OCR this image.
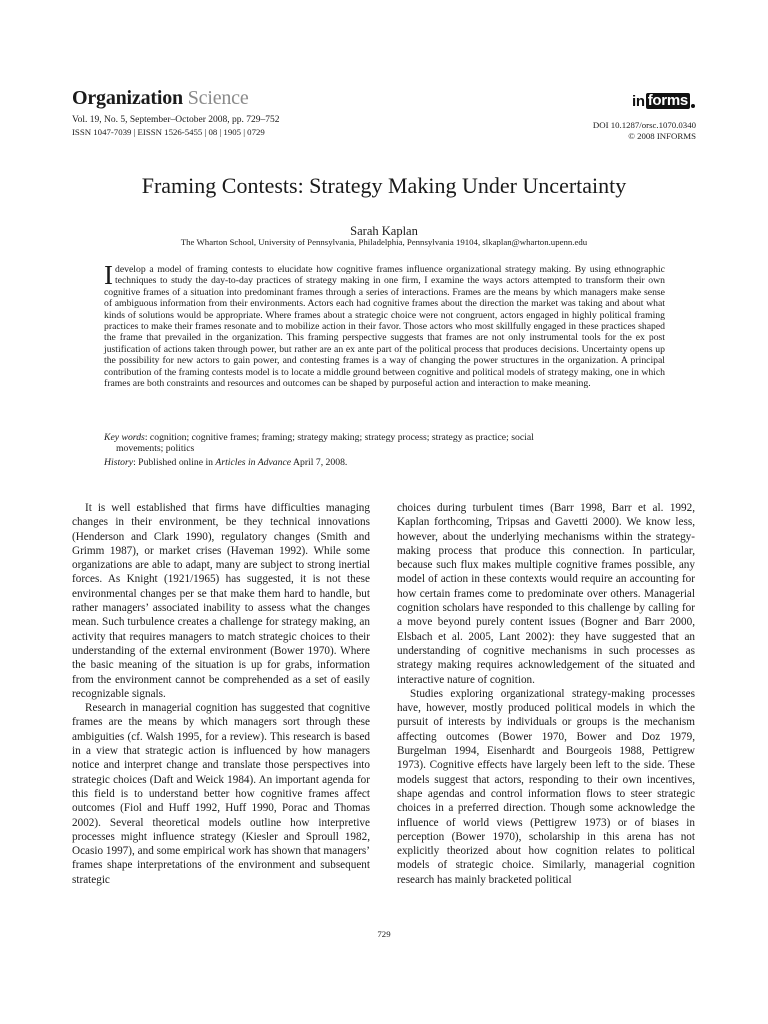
Organization Science
Vol. 19, No. 5, September–October 2008, pp. 729–752
ISSN 1047-7039 | EISSN 1526-5455 | 08 | 1905 | 0729
in forms
DOI 10.1287/orsc.1070.0340
© 2008 INFORMS
Framing Contests: Strategy Making Under Uncertainty
Sarah Kaplan
The Wharton School, University of Pennsylvania, Philadelphia, Pennsylvania 19104, slkaplan@wharton.upenn.edu
I develop a model of framing contests to elucidate how cognitive frames influence organizational strategy making. By using ethnographic techniques to study the day-to-day practices of strategy making in one firm, I examine the ways actors attempted to transform their own cognitive frames of a situation into predominant frames through a series of interactions. Frames are the means by which managers make sense of ambiguous information from their environments. Actors each had cognitive frames about the direction the market was taking and about what kinds of solutions would be appropriate. Where frames about a strategic choice were not congruent, actors engaged in highly political framing practices to make their frames resonate and to mobilize action in their favor. Those actors who most skillfully engaged in these practices shaped the frame that prevailed in the organization. This framing perspective suggests that frames are not only instrumental tools for the ex post justification of actions taken through power, but rather are an ex ante part of the political process that produces decisions. Uncertainty opens up the possibility for new actors to gain power, and contesting frames is a way of changing the power structures in the organization. A principal contribution of the framing contests model is to locate a middle ground between cognitive and political models of strategy making, one in which frames are both constraints and resources and outcomes can be shaped by purposeful action and interaction to make meaning.
Key words: cognition; cognitive frames; framing; strategy making; strategy process; strategy as practice; social
movements; politics
History: Published online in Articles in Advance April 7, 2008.

It is well established that firms have difficulties managing changes in their environment, be they technical innovations (Henderson and Clark 1990), regulatory changes (Smith and Grimm 1987), or market crises (Haveman 1992). While some organizations are able to adapt, many are subject to strong inertial forces. As Knight (1921/1965) has suggested, it is not these environmental changes per se that make them hard to handle, but rather managers’ associated inability to assess what the changes mean. Such turbulence creates a challenge for strategy making, an activity that requires managers to match strategic choices to their understanding of the external environment (Bower 1970). Where the basic meaning of the situation is up for grabs, information from the environment cannot be comprehended as a set of easily recognizable signals.

Research in managerial cognition has suggested that cognitive frames are the means by which managers sort through these ambiguities (cf. Walsh 1995, for a review). This research is based in a view that strategic action is influenced by how managers notice and interpret change and translate those perspectives into strategic choices (Daft and Weick 1984). An important agenda for this field is to understand better how cognitive frames affect outcomes (Fiol and Huff 1992, Huff 1990, Porac and Thomas 2002). Several theoretical models outline how interpretive processes might influence strategy (Kiesler and Sproull 1982, Ocasio 1997), and some empirical work has shown that managers’ frames shape interpretations of the environment and subsequent strategic

choices during turbulent times (Barr 1998, Barr et al. 1992, Kaplan forthcoming, Tripsas and Gavetti 2000). We know less, however, about the underlying mechanisms within the strategy-making process that produce this connection. In particular, because such flux makes multiple cognitive frames possible, any model of action in these contexts would require an accounting for how certain frames come to predominate over others. Managerial cognition scholars have responded to this challenge by calling for a move beyond purely content issues (Bogner and Barr 2000, Elsbach et al. 2005, Lant 2002): they have suggested that an understanding of cognitive mechanisms in such processes as strategy making requires acknowledgement of the situated and interactive nature of cognition.

Studies exploring organizational strategy-making processes have, however, mostly produced political models in which the pursuit of interests by individuals or groups is the mechanism affecting outcomes (Bower 1970, Bower and Doz 1979, Burgelman 1994, Eisenhardt and Bourgeois 1988, Pettigrew 1973). Cognitive effects have largely been left to the side. These models suggest that actors, responding to their own incentives, shape agendas and control information flows to steer strategic choices in a preferred direction. Though some acknowledge the influence of world views (Pettigrew 1973) or of biases in perception (Bower 1970), scholarship in this arena has not explicitly theorized about how cognition relates to political models of strategic choice. Similarly, managerial cognition research has mainly bracketed political

729
